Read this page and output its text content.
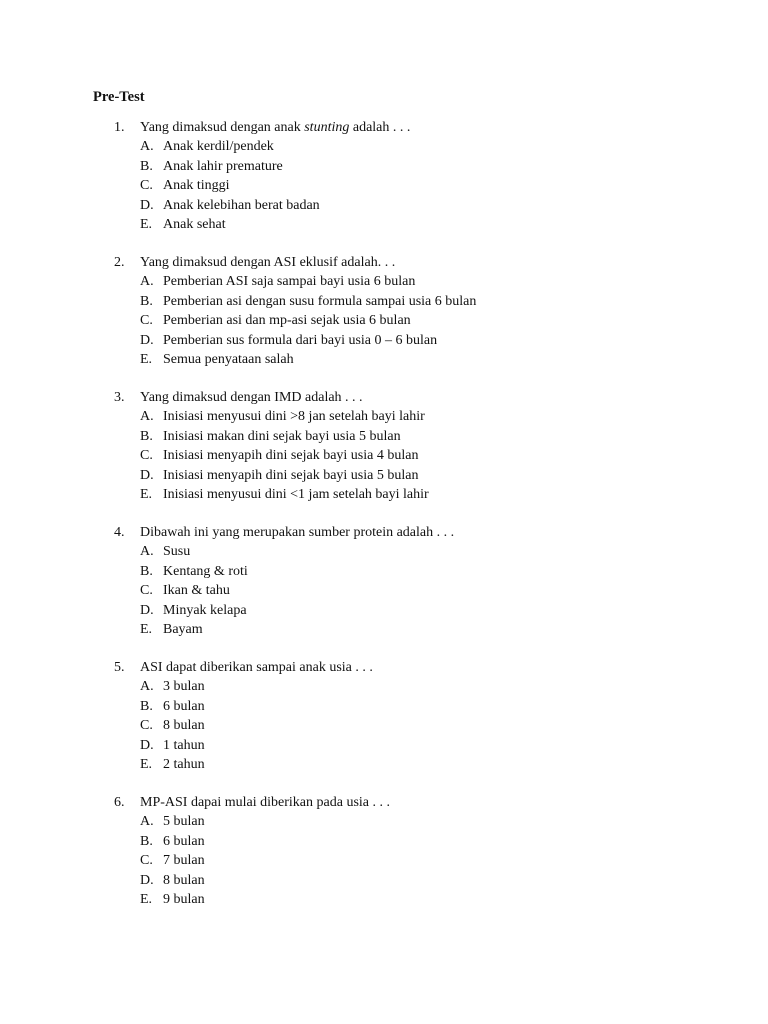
Pre-Test
1.	Yang dimaksud dengan anak stunting adalah . . .
A. Anak kerdil/pendek
B. Anak lahir premature
C. Anak tinggi
D. Anak kelebihan berat badan
E. Anak sehat
2.	Yang dimaksud dengan ASI eklusif adalah. . .
A. Pemberian ASI saja sampai bayi usia 6 bulan
B. Pemberian asi dengan susu formula sampai usia 6 bulan
C. Pemberian asi dan mp-asi sejak usia 6 bulan
D. Pemberian sus formula dari bayi usia 0 – 6 bulan
E. Semua penyataan salah
3.	Yang dimaksud dengan IMD adalah . . .
A. Inisiasi menyusui dini >8 jan setelah bayi lahir
B. Inisiasi makan dini sejak bayi usia 5 bulan
C. Inisiasi menyapih dini sejak bayi usia 4 bulan
D. Inisiasi menyapih dini sejak bayi usia 5 bulan
E. Inisiasi menyusui dini <1 jam setelah bayi lahir
4.	Dibawah ini yang merupakan sumber protein adalah . . .
A. Susu
B. Kentang & roti
C. Ikan & tahu
D. Minyak kelapa
E. Bayam
5.	ASI dapat diberikan sampai anak usia . . .
A. 3 bulan
B. 6 bulan
C. 8 bulan
D. 1 tahun
E. 2 tahun
6.	MP-ASI dapai mulai diberikan pada usia . . .
A. 5 bulan
B. 6 bulan
C. 7 bulan
D. 8 bulan
E. 9 bulan
